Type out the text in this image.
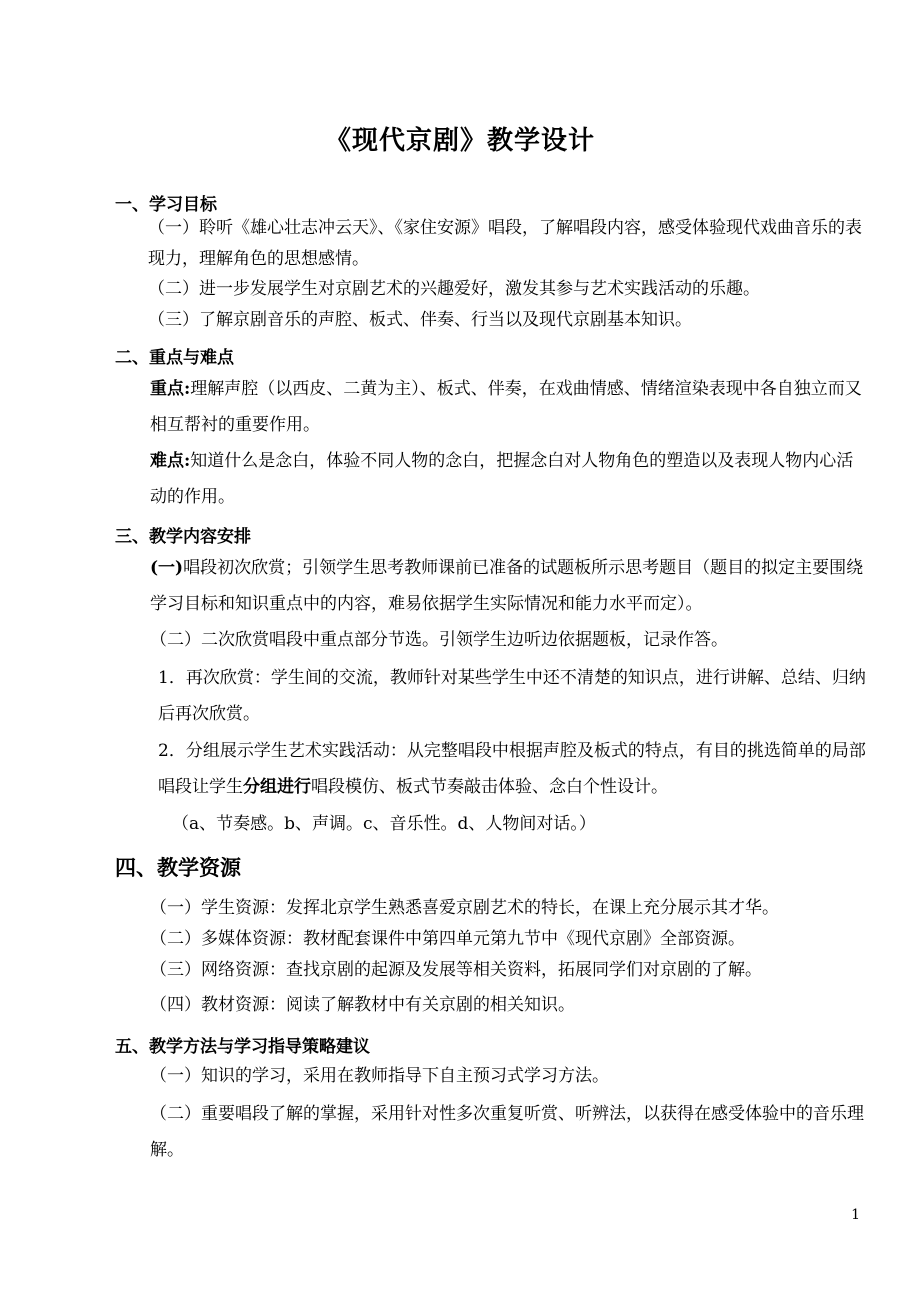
《现代京剧》教学设计
一、学习目标
（一）聆听《雄心壮志冲云天》、《家住安源》唱段，了解唱段内容，感受体验现代戏曲音乐的表现力，理解角色的思想感情。
（二）进一步发展学生对京剧艺术的兴趣爱好，激发其参与艺术实践活动的乐趣。
（三）了解京剧音乐的声腔、板式、伴奏、行当以及现代京剧基本知识。
二、重点与难点
重点:理解声腔（以西皮、二黄为主）、板式、伴奏，在戏曲情感、情绪渲染表现中各自独立而又相互帮衬的重要作用。
难点:知道什么是念白，体验不同人物的念白，把握念白对人物角色的塑造以及表现人物内心活动的作用。
三、教学内容安排
(一)唱段初次欣赏；引领学生思考教师课前已准备的试题板所示思考题目（题目的拟定主要围绕学习目标和知识重点中的内容，难易依据学生实际情况和能力水平而定）。
（二）二次欣赏唱段中重点部分节选。引领学生边听边依据题板，记录作答。
1．再次欣赏：学生间的交流，教师针对某些学生中还不清楚的知识点，进行讲解、总结、归纳后再次欣赏。
2．分组展示学生艺术实践活动：从完整唱段中根据声腔及板式的特点，有目的挑选简单的局部唱段让学生分组进行唱段模仿、板式节奏敲击体验、念白个性设计。
（a、节奏感。b、声调。c、音乐性。d、人物间对话。）
四、教学资源
（一）学生资源：发挥北京学生熟悉喜爱京剧艺术的特长，在课上充分展示其才华。
（二）多媒体资源：教材配套课件中第四单元第九节中《现代京剧》全部资源。
（三）网络资源：查找京剧的起源及发展等相关资料，拓展同学们对京剧的了解。
（四）教材资源：阅读了解教材中有关京剧的相关知识。
五、教学方法与学习指导策略建议
（一）知识的学习，采用在教师指导下自主预习式学习方法。
（二）重要唱段了解的掌握，采用针对性多次重复听赏、听辨法，以获得在感受体验中的音乐理解。
1
